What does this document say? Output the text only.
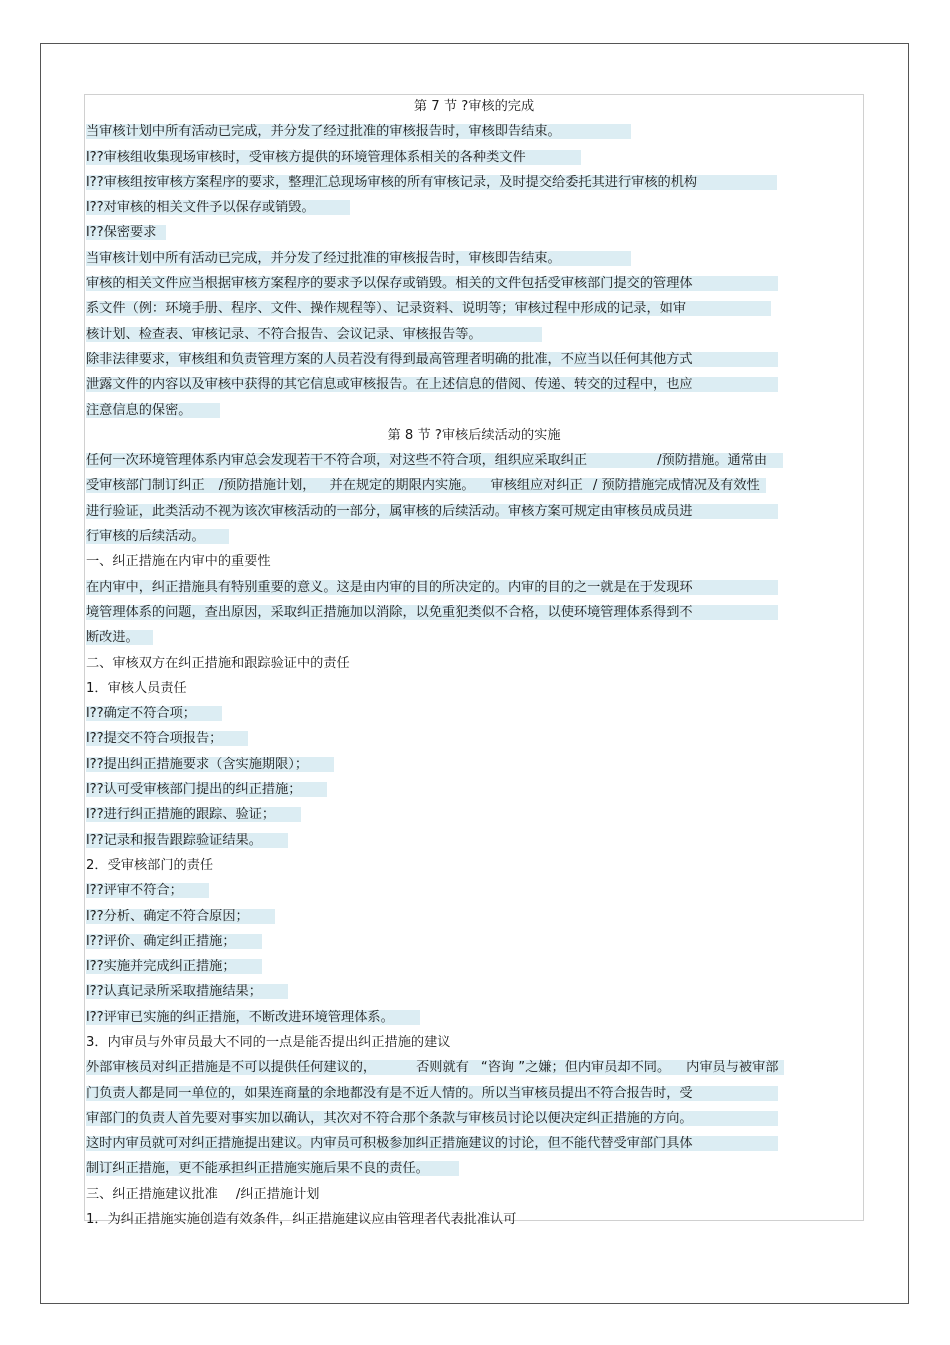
第 7 节 ?审核的完成
当审核计划中所有活动已完成，并分发了经过批准的审核报告时，审核即告结束。
l??审核组收集现场审核时，受审核方提供的环境管理体系相关的各种类文件
l??审核组按审核方案程序的要求，整理汇总现场审核的所有审核记录，及时提交给委托其进行审核的机构
l??对审核的相关文件予以保存或销毁。
l??保密要求
当审核计划中所有活动已完成，并分发了经过批准的审核报告时，审核即告结束。
审核的相关文件应当根据审核方案程序的要求予以保存或销毁。相关的文件包括受审核部门提交的管理体
系文件（例：环境手册、程序、文件、操作规程等）、记录资料、说明等；审核过程中形成的记录，如审
核计划、检查表、审核记录、不符合报告、会议记录、审核报告等。
除非法律要求，审核组和负责管理方案的人员若没有得到最高管理者明确的批准，不应当以任何其他方式
泄露文件的内容以及审核中获得的其它信息或审核报告。在上述信息的借阅、传递、转交的过程中，也应
注意信息的保密。
第 8 节 ?审核后续活动的实施
任何一次环境管理体系内审总会发现若干不符合项，对这些不符合项，组织应采取纠正	/预防措施。通常由
受审核部门制订纠正 /预防措施计划， 并在规定的期限内实施。 审核组应对纠正 / 预防措施完成情况及有效性
进行验证，此类活动不视为该次审核活动的一部分，属审核的后续活动。审核方案可规定由审核员成员进
行审核的后续活动。
一、纠正措施在内审中的重要性
在内审中，纠正措施具有特别重要的意义。这是由内审的目的所决定的。内审的目的之一就是在于发现环
境管理体系的问题，查出原因，采取纠正措施加以消除，以免重犯类似不合格，以使环境管理体系得到不
断改进。
二、审核双方在纠正措施和跟踪验证中的责任
1．审核人员责任
l??确定不符合项；
l??提交不符合项报告；
l??提出纠正措施要求（含实施期限）；
l??认可受审核部门提出的纠正措施；
l??进行纠正措施的跟踪、验证；
l??记录和报告跟踪验证结果。
2．受审核部门的责任
l??评审不符合；
l??分析、确定不符合原因；
l??评价、确定纠正措施；
l??实施并完成纠正措施；
l??认真记录所采取措施结果；
l??评审已实施的纠正措施，不断改进环境管理体系。
3．内审员与外审员最大不同的一点是能否提出纠正措施的建议
外部审核员对纠正措施是不可以提供任何建议的，	否则就有 “咨询 ”之嫌；但内审员却不同。 内审员与被审部
门负责人都是同一单位的，如果连商量的余地都没有是不近人情的。所以当审核员提出不符合报告时，受
审部门的负责人首先要对事实加以确认，其次对不符合那个条款与审核员讨论以便决定纠正措施的方向。
这时内审员就可对纠正措施提出建议。内审员可积极参加纠正措施建议的讨论，但不能代替受审部门具体
制订纠正措施，更不能承担纠正措施实施后果不良的责任。
三、纠正措施建议批准 /纠正措施计划
1．为纠正措施实施创造有效条件，纠正措施建议应由管理者代表批准认可
